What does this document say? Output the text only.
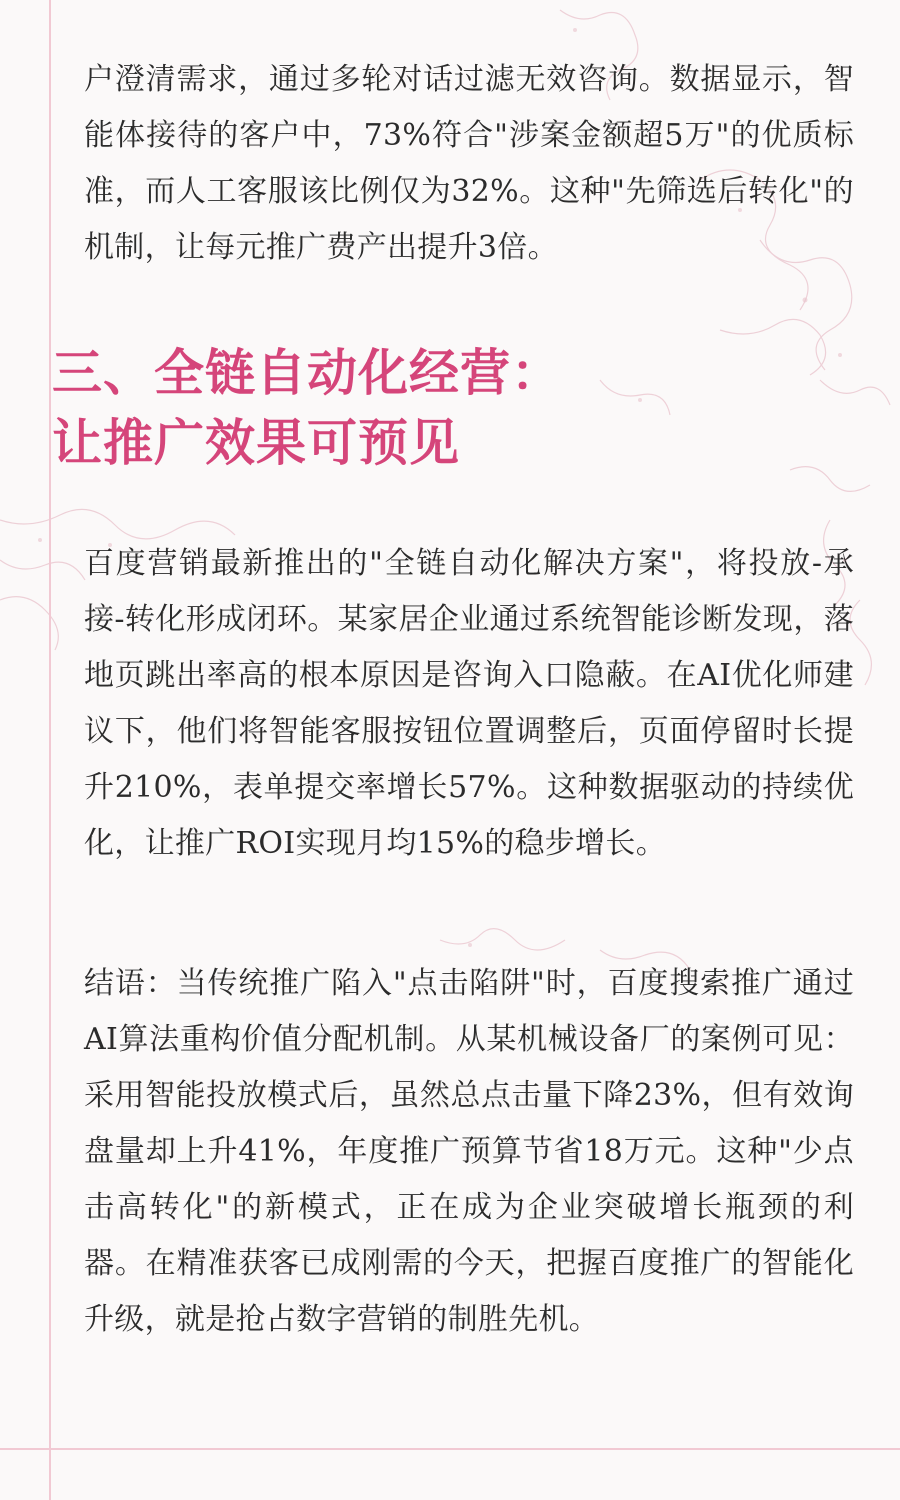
户澄清需求，通过多轮对话过滤无效咨询。数据显示，智能体接待的客户中，73%符合"涉案金额超5万"的优质标准，而人工客服该比例仅为32%。这种"先筛选后转化"的机制，让每元推广费产出提升3倍。

三、全链自动化经营：
让推广效果可预见

百度营销最新推出的"全链自动化解决方案"，将投放-承接-转化形成闭环。某家居企业通过系统智能诊断发现，落地页跳出率高的根本原因是咨询入口隐蔽。在AI优化师建议下，他们将智能客服按钮位置调整后，页面停留时长提升210%，表单提交率增长57%。这种数据驱动的持续优化，让推广ROI实现月均15%的稳步增长。

结语：当传统推广陷入"点击陷阱"时，百度搜索推广通过AI算法重构价值分配机制。从某机械设备厂的案例可见：采用智能投放模式后，虽然总点击量下降23%，但有效询盘量却上升41%，年度推广预算节省18万元。这种"少点击高转化"的新模式，正在成为企业突破增长瓶颈的利器。在精准获客已成刚需的今天，把握百度推广的智能化升级，就是抢占数字营销的制胜先机。
